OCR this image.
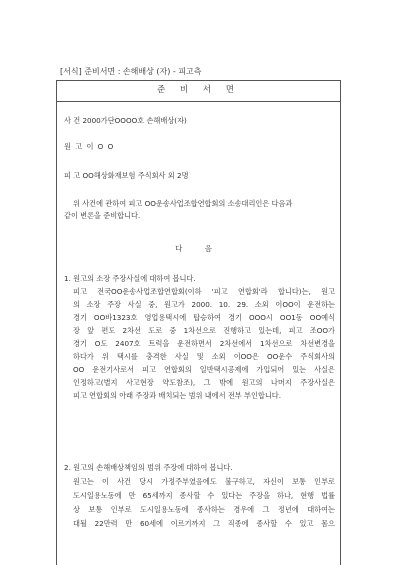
[서식] 준비서면 : 손해배상 (자) - 피고측
준 비 서 면
사 건 2000가단OOOO호 손해배상(자)
원 고 이 O O
피 고 OO해상화재보험 주식회사 외 2명
위 사건에 관하여 피고 OO운송사업조합연합회의 소송대리인은 다음과
같이 변론을 준비합니다.
다 음
1. 원고의 소장 주장사실에 대하여 봅니다.
피고 전국OO운송사업조합연합회(이하 '피고 연합회'라 합니다)는, 원고
의 소장 주장 사실 중, 원고가 2000. 10. 29. 소외 이OO이 운전하는
경기 OO바1323호 영업용택시에 탑승하여 경기 OOO시 OO1동 OO예식
장 앞 편도 2차선 도로 중 1차선으로 진행하고 있는데, 피고 조OO가
경기 O도 2407호 트럭을 운전하면서 2차선에서 1차선으로 차선변경을
하다가 위 택시를 충격한 사실 및 소외 이OO은 OO운수 주식회사의
OO 운전기사로서 피고 연합회의 일반택시공제에 가입되어 있는 사실은
인정하고(별지 사고현장 약도참조), 그 밖에 원고의 나머지 주장사실은
피고 연합회의 아래 주장과 배치되는 범위 내에서 전부 부인합니다.
2. 원고의 손해배상책임의 범위 주장에 대하여 봅니다.
원고는 이 사건 당시 가정주부였음에도 불구하고, 자신이 보통 인부로
도시일용노동에 만 65세까지 종사할 수 있다는 주장을 하나, 현행 법률
상 보통 인부로 도시일용노동에 종사하는 경우에 그 정년에 대하여는
대될 22만력 만 60세에 이르기까지 그 직종에 종사할 수 있고 몸으
